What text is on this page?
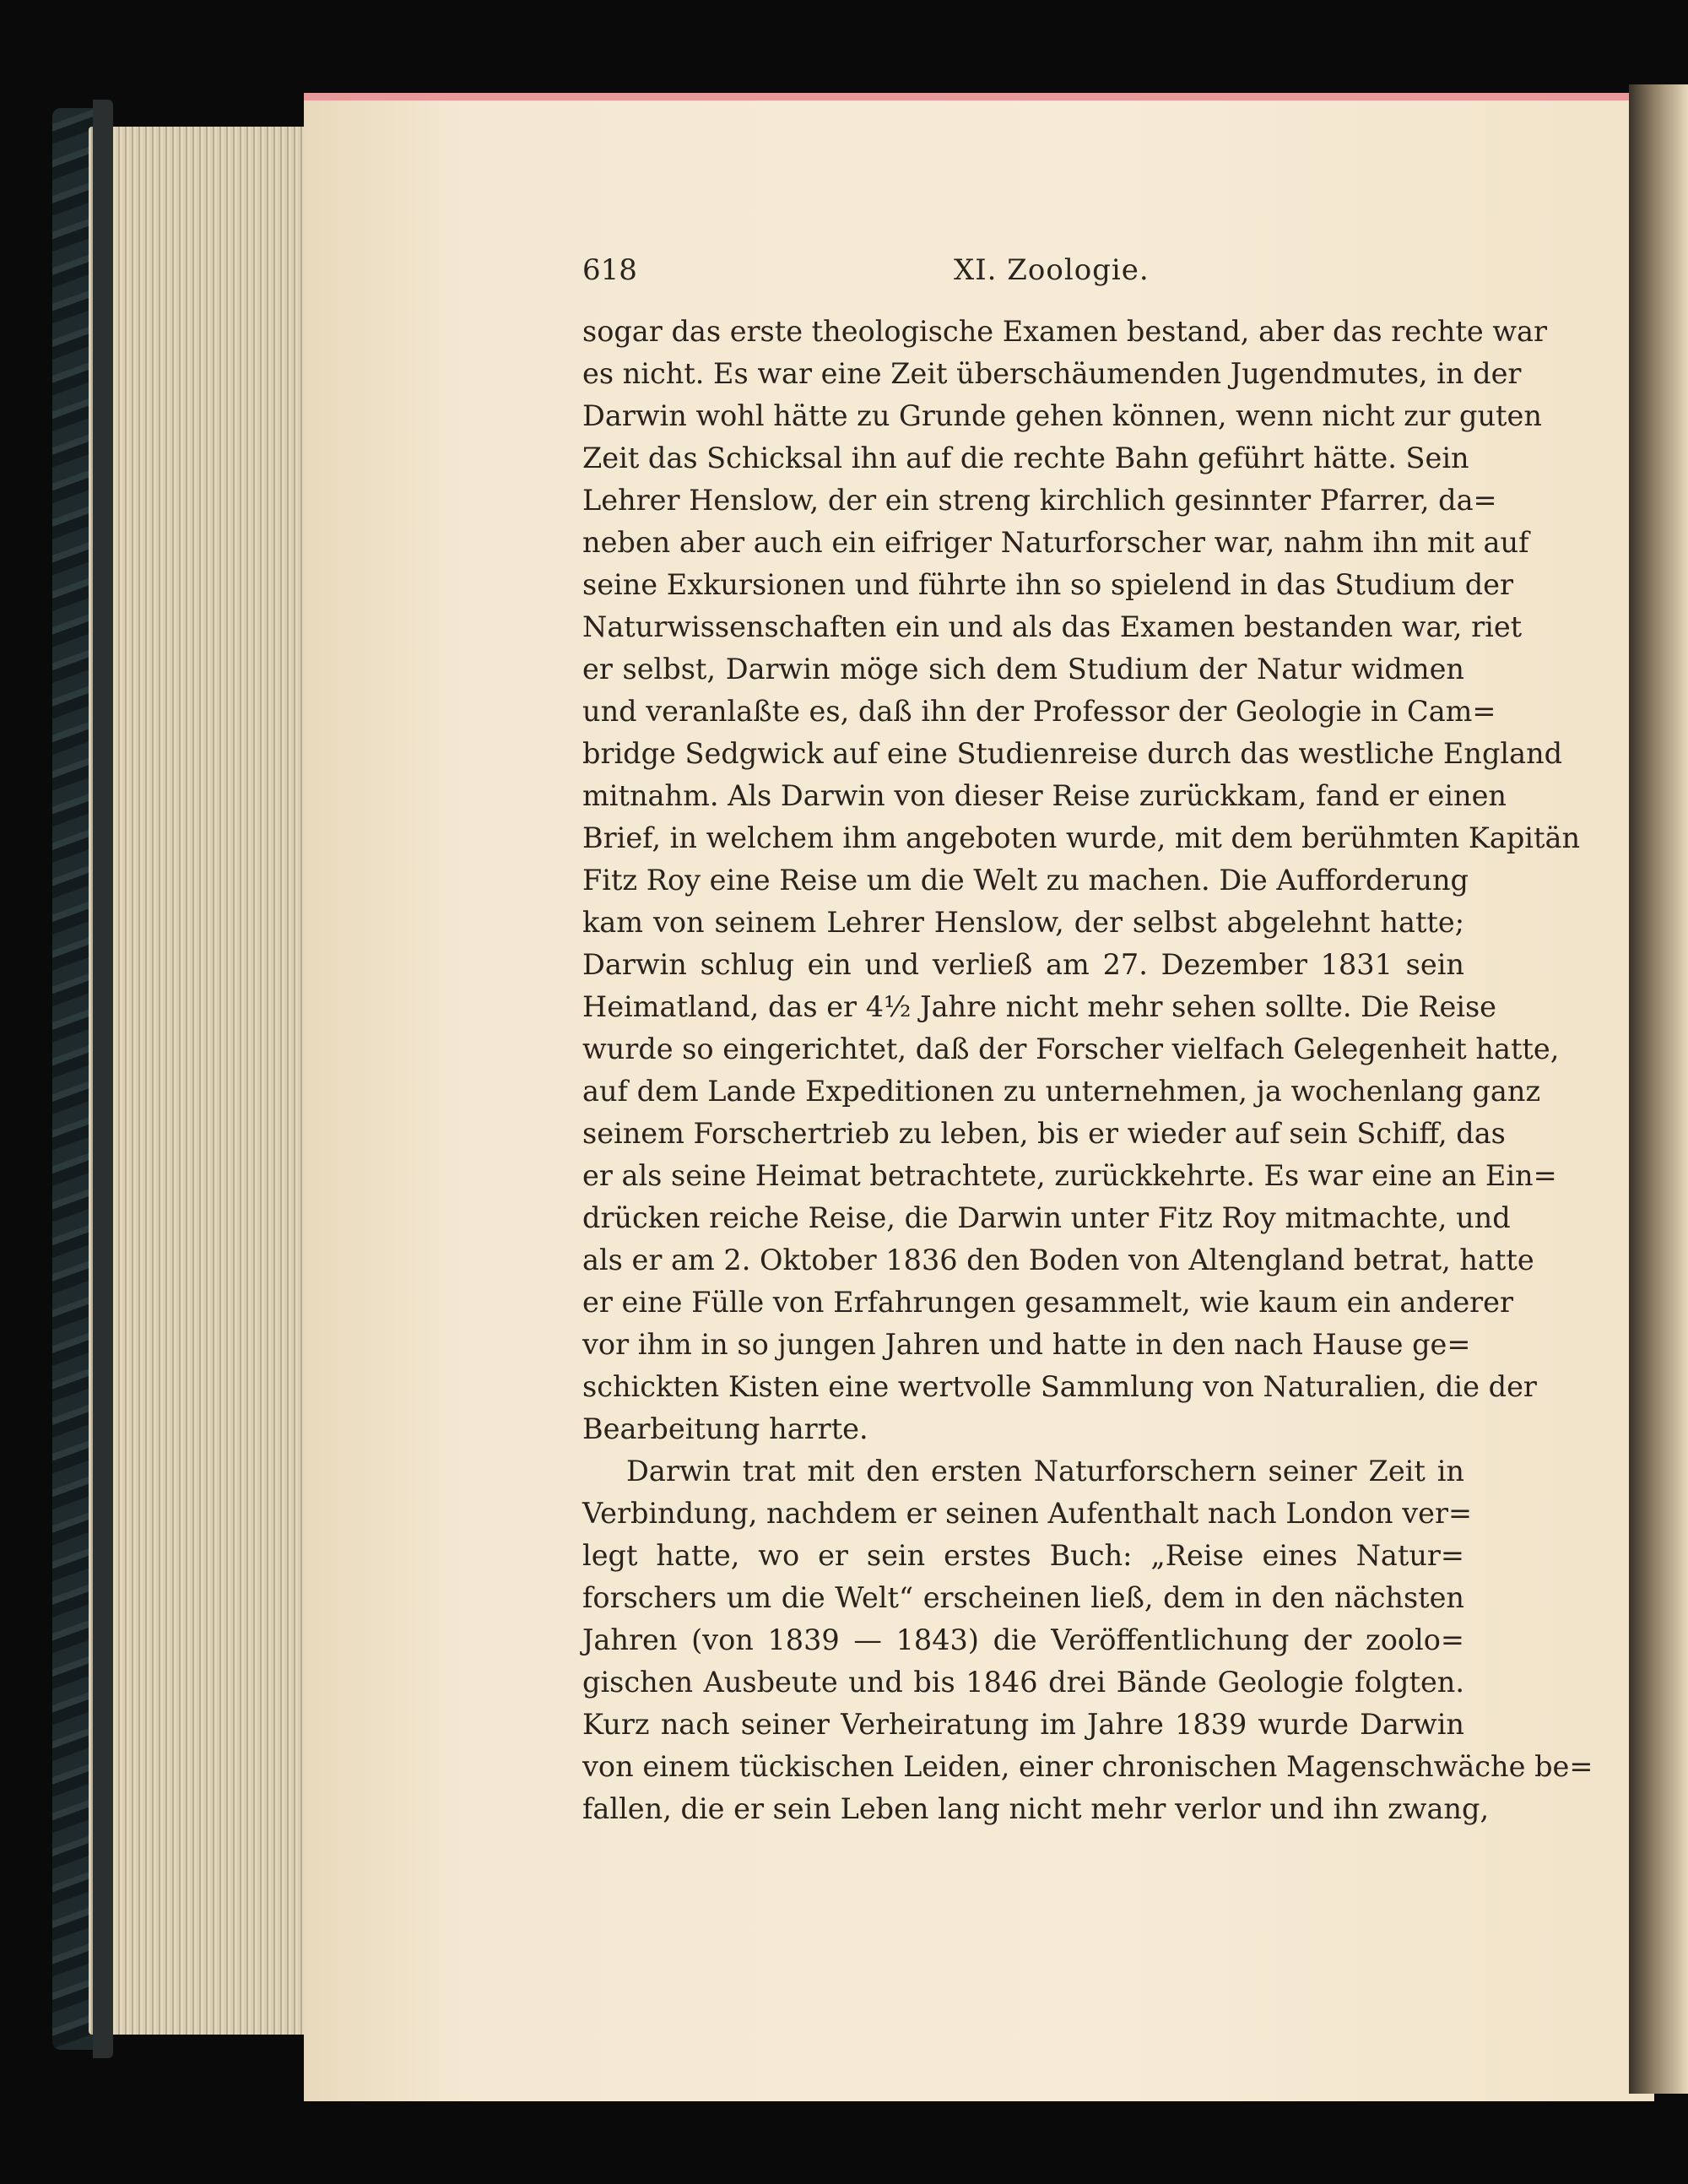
618	XI. Zoologie.
sogar das erste theologische Examen bestand, aber das rechte war
es nicht. Es war eine Zeit überschäumenden Jugendmutes, in der
Darwin wohl hätte zu Grunde gehen können, wenn nicht zur guten
Zeit das Schicksal ihn auf die rechte Bahn geführt hätte. Sein
Lehrer Henslow, der ein streng kirchlich gesinnter Pfarrer, da=
neben aber auch ein eifriger Naturforscher war, nahm ihn mit auf
seine Exkursionen und führte ihn so spielend in das Studium der
Naturwissenschaften ein und als das Examen bestanden war, riet
er selbst, Darwin möge sich dem Studium der Natur widmen
und veranlaßte es, daß ihn der Professor der Geologie in Cam=
bridge Sedgwick auf eine Studienreise durch das westliche England
mitnahm. Als Darwin von dieser Reise zurückkam, fand er einen
Brief, in welchem ihm angeboten wurde, mit dem berühmten Kapitän
Fitz Roy eine Reise um die Welt zu machen. Die Aufforderung
kam von seinem Lehrer Henslow, der selbst abgelehnt hatte;
Darwin schlug ein und verließ am 27. Dezember 1831 sein
Heimatland, das er 4½ Jahre nicht mehr sehen sollte. Die Reise
wurde so eingerichtet, daß der Forscher vielfach Gelegenheit hatte,
auf dem Lande Expeditionen zu unternehmen, ja wochenlang ganz
seinem Forschertrieb zu leben, bis er wieder auf sein Schiff, das
er als seine Heimat betrachtete, zurückkehrte. Es war eine an Ein=
drücken reiche Reise, die Darwin unter Fitz Roy mitmachte, und
als er am 2. Oktober 1836 den Boden von Altengland betrat, hatte
er eine Fülle von Erfahrungen gesammelt, wie kaum ein anderer
vor ihm in so jungen Jahren und hatte in den nach Hause ge=
schickten Kisten eine wertvolle Sammlung von Naturalien, die der
Bearbeitung harrte.
Darwin trat mit den ersten Naturforschern seiner Zeit in
Verbindung, nachdem er seinen Aufenthalt nach London ver=
legt hatte, wo er sein erstes Buch: „Reise eines Natur=
forschers um die Welt“ erscheinen ließ, dem in den nächsten
Jahren (von 1839 — 1843) die Veröffentlichung der zoolo=
gischen Ausbeute und bis 1846 drei Bände Geologie folgten.
Kurz nach seiner Verheiratung im Jahre 1839 wurde Darwin
von einem tückischen Leiden, einer chronischen Magenschwäche be=
fallen, die er sein Leben lang nicht mehr verlor und ihn zwang,
